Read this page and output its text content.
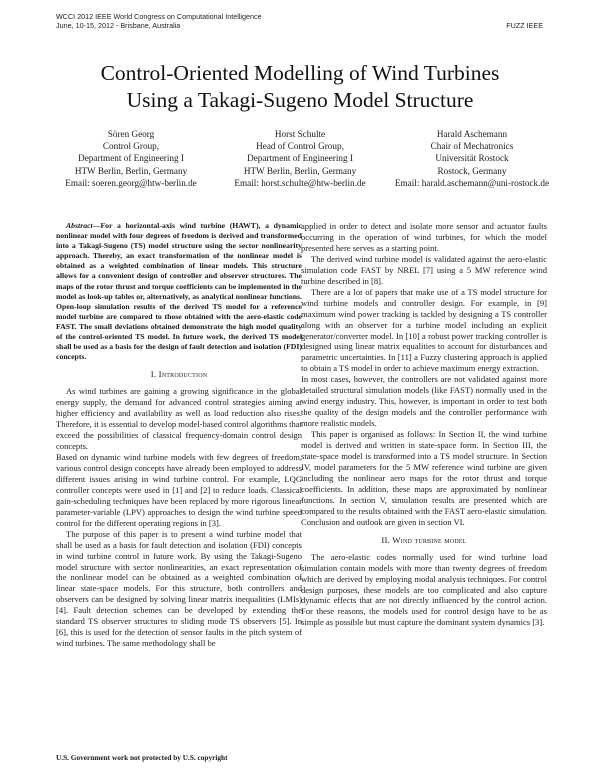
WCCI 2012 IEEE World Congress on Computational Intelligence
June, 10-15, 2012 - Brisbane, Australia	FUZZ IEEE
Control-Oriented Modelling of Wind Turbines
Using a Takagi-Sugeno Model Structure
Sören Georg
Control Group,
Department of Engineering I
HTW Berlin, Berlin, Germany
Email: soeren.georg@htw-berlin.de
Horst Schulte
Head of Control Group,
Department of Engineering I
HTW Berlin, Berlin, Germany
Email: horst.schulte@htw-berlin.de
Harald Aschemann
Chair of Mechatronics
Universität Rostock
Rostock, Germany
Email: harald.aschemann@uni-rostock.de

Abstract—For a horizontal-axis wind turbine (HAWT), a dynamic nonlinear model with four degrees of freedom is derived and transformed into a Takagi-Sugeno (TS) model structure using the sector nonlinearity approach. Thereby, an exact transformation of the nonlinear model is obtained as a weighted combination of linear models. This structure allows for a convenient design of controller and observer structures. The maps of the rotor thrust and torque coefficients can be implemented in the model as look-up tables or, alternatively, as analytical nonlinear functions. Open-loop simulation results of the derived TS model for a reference model turbine are compared to those obtained with the aero-elastic code FAST. The small deviations obtained demonstrate the high model quality of the control-oriented TS model. In future work, the derived TS model shall be used as a basis for the design of fault detection and isolation (FDI) concepts.

I. Introduction

As wind turbines are gaining a growing significance in the global energy supply, the demand for advanced control strategies aiming at higher efficiency and availability as well as load reduction also rises. Therefore, it is essential to develop model-based control algorithms that exceed the possibilities of classical frequency-domain control design concepts.

Based on dynamic wind turbine models with few degrees of freedom, various control design concepts have already been employed to address different issues arising in wind turbine control. For example, LQG controller concepts were used in [1] and [2] to reduce loads. Classical gain-scheduling techniques have been replaced by more rigorous linear parameter-variable (LPV) approaches to design the wind turbine speed control for the different operating regions in [3].

The purpose of this paper is to present a wind turbine model that shall be used as a basis for fault detection and isolation (FDI) concepts in wind turbine control in future work. By using the Takagi-Sugeno model structure with sector nonlinearities, an exact representation of the nonlinear model can be obtained as a weighted combination of linear state-space models. For this structure, both controllers and observers can be designed by solving linear matrix inequalities (LMIs) [4]. Fault detection schemes can be developed by extending the standard TS observer structures to sliding mode TS observers [5]. In [6], this is used for the detection of sensor faults in the pitch system of wind turbines. The same methodology shall be

applied in order to detect and isolate more sensor and actuator faults occurring in the operation of wind turbines, for which the model presented here serves as a starting point.

The derived wind turbine model is validated against the aero-elastic simulation code FAST by NREL [7] using a 5 MW reference wind turbine described in [8].

There are a lot of papers that make use of a TS model structure for wind turbine models and controller design. For example, in [9] maximum wind power tracking is tackled by designing a TS controller along with an observer for a turbine model including an explicit generator/converter model. In [10] a robust power tracking controller is designed using linear matrix equalities to account for disturbances and parametric uncertainties. In [11] a Fuzzy clustering approach is applied to obtain a TS model in order to achieve maximum energy extraction.

In most cases, however, the controllers are not validated against more detailed structural simulation models (like FAST) normally used in the wind energy industry. This, however, is important in order to test both the quality of the design models and the controller performance with more realistic models.

This paper is organised as follows: In Section II, the wind turbine model is derived and written in state-space form. In Section III, the state-space model is transformed into a TS model structure. In Section IV, model parameters for the 5 MW reference wind turbine are given including the nonlinear aero maps for the rotor thrust and torque coefficients. In addition, these maps are approximated by nonlinear functions. In section V, simulation results are presented which are compared to the results obtained with the FAST aero-elastic simulation. Conclusion and outlook are given in section VI.

II. Wind turbine model

The aero-elastic codes normally used for wind turbine load simulation contain models with more than twenty degrees of freedom which are derived by employing modal analysis techniques. For control design purposes, these models are too complicated and also capture dynamic effects that are not directly influenced by the control action. For these reasons, the models used for control design have to be as simple as possible but must capture the dominant system dynamics [3].

U.S. Government work not protected by U.S. copyright
